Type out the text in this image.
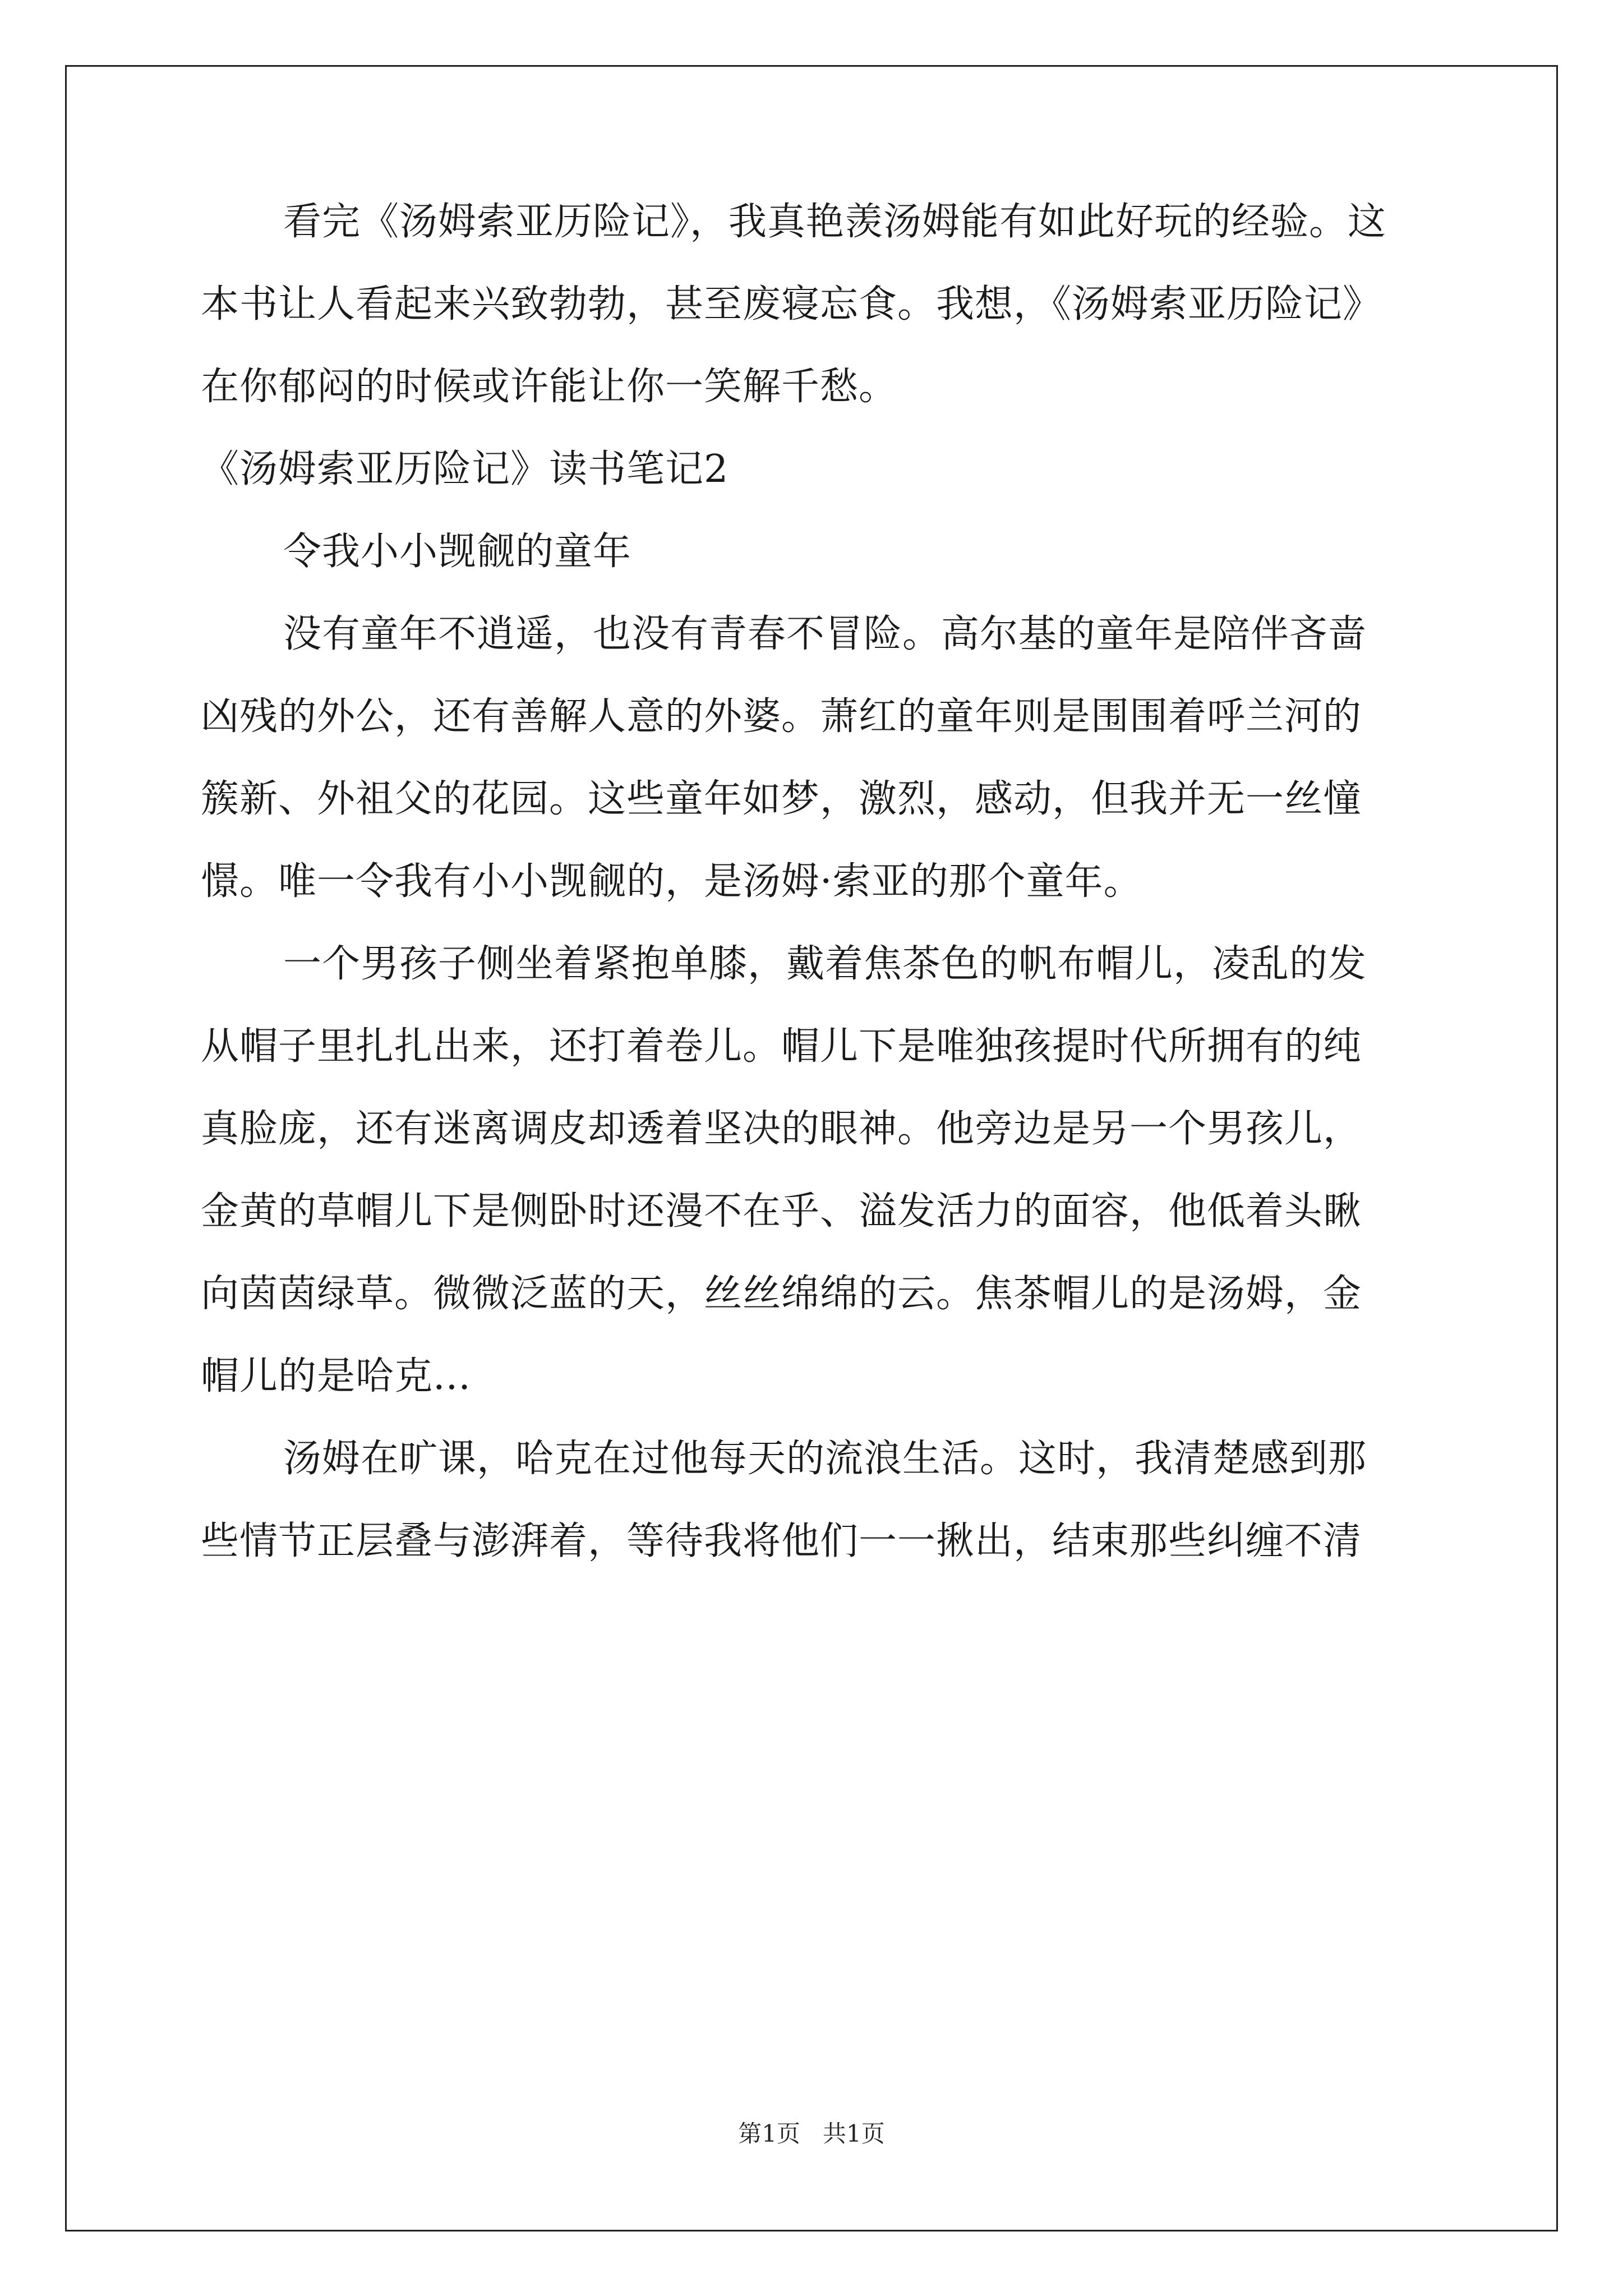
看完《汤姆索亚历险记》，我真艳羡汤姆能有如此好玩的经验。这

本书让人看起来兴致勃勃，甚至废寝忘食。我想，《汤姆索亚历险记》

在你郁闷的时候或许能让你一笑解千愁。

《汤姆索亚历险记》读书笔记2

令我小小觊觎的童年

没有童年不逍遥，也没有青春不冒险。高尔基的童年是陪伴吝啬

凶残的外公，还有善解人意的外婆。萧红的童年则是围围着呼兰河的

簇新、外祖父的花园。这些童年如梦，激烈，感动，但我并无一丝憧

憬。唯一令我有小小觊觎的，是汤姆·索亚的那个童年。

一个男孩子侧坐着紧抱单膝，戴着焦茶色的帆布帽儿，凌乱的发

从帽子里扎扎出来，还打着卷儿。帽儿下是唯独孩提时代所拥有的纯

真脸庞，还有迷离调皮却透着坚决的眼神。他旁边是另一个男孩儿，

金黄的草帽儿下是侧卧时还漫不在乎、溢发活力的面容，他低着头瞅

向茵茵绿草。微微泛蓝的天，丝丝绵绵的云。焦茶帽儿的是汤姆，金

帽儿的是哈克...

汤姆在旷课，哈克在过他每天的流浪生活。这时，我清楚感到那

些情节正层叠与澎湃着，等待我将他们一一揪出，结束那些纠缠不清

第1页 共1页
